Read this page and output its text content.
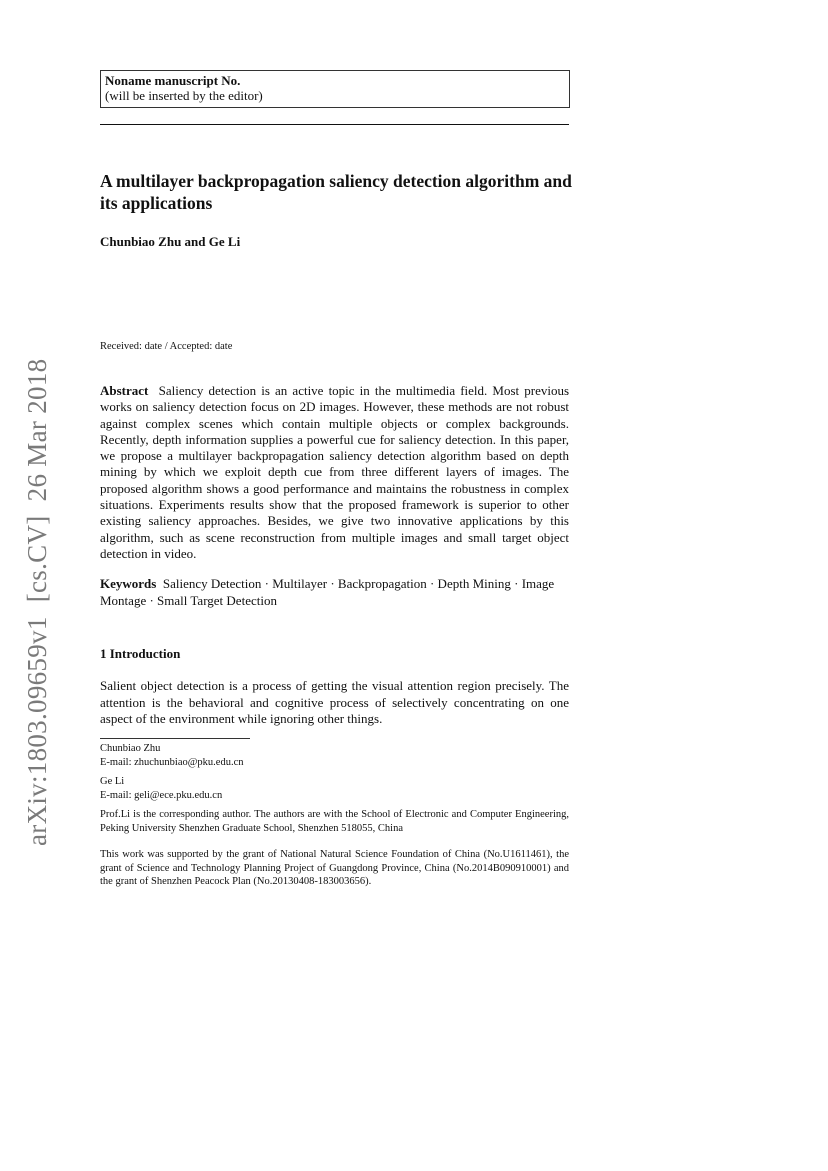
Noname manuscript No.
(will be inserted by the editor)
A multilayer backpropagation saliency detection algorithm and its applications
Chunbiao Zhu and Ge Li
Received: date / Accepted: date

Abstract Saliency detection is an active topic in the multimedia field. Most previous works on saliency detection focus on 2D images. However, these methods are not robust against complex scenes which contain multiple objects or complex backgrounds. Recently, depth information supplies a powerful cue for saliency detection. In this paper, we propose a multilayer backpropagation saliency detection algorithm based on depth mining by which we exploit depth cue from three different layers of images. The proposed algorithm shows a good performance and maintains the robustness in complex situations. Experiments results show that the proposed framework is superior to other existing saliency approaches. Besides, we give two innovative applications by this algorithm, such as scene reconstruction from multiple images and small target object detection in video.

Keywords Saliency Detection · Multilayer · Backpropagation · Depth Mining · Image Montage · Small Target Detection

1 Introduction

Salient object detection is a process of getting the visual attention region precisely. The attention is the behavioral and cognitive process of selectively concentrating on one aspect of the environment while ignoring other things.

Chunbiao Zhu
E-mail: zhuchunbiao@pku.edu.cn
Ge Li
E-mail: geli@ece.pku.edu.cn
Prof.Li is the corresponding author. The authors are with the School of Electronic and Computer Engineering, Peking University Shenzhen Graduate School, Shenzhen 518055, China
This work was supported by the grant of National Natural Science Foundation of China (No.U1611461), the grant of Science and Technology Planning Project of Guangdong Province, China (No.2014B090910001) and the grant of Shenzhen Peacock Plan (No.20130408-183003656).
arXiv:1803.09659v1  [cs.CV]  26 Mar 2018
